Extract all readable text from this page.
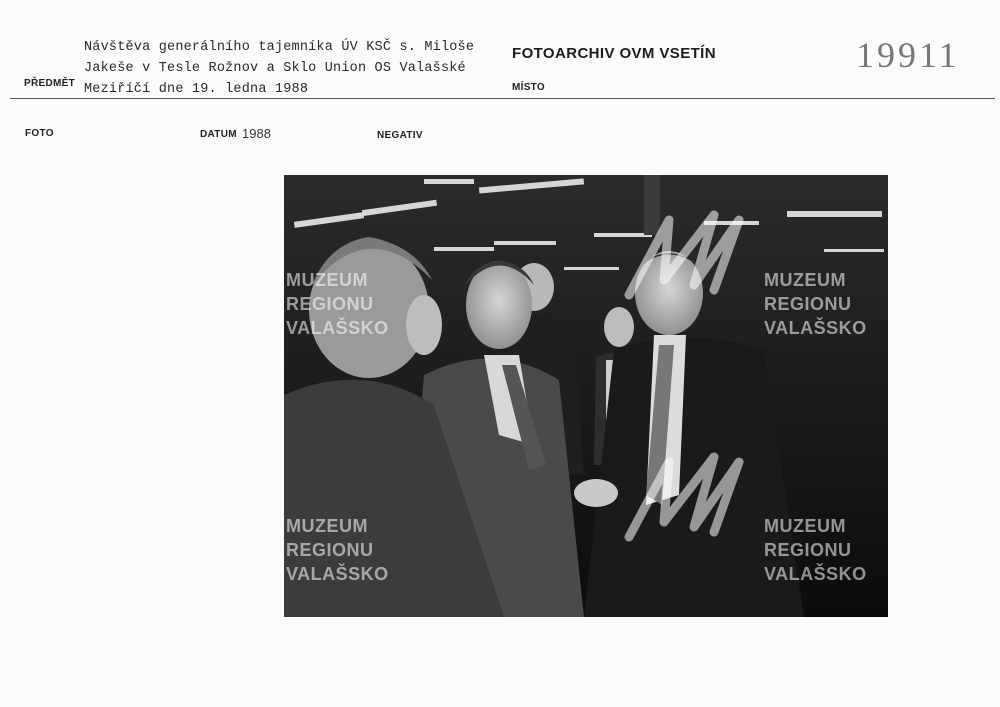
Návštěva generálního tajemníka ÚV KSČ s. Miloše
Jakeše v Tesle Rožnov a Sklo Union OS Valašské
Meziříčí dne 19. ledna 1988
PŘEDMĚT
FOTOARCHIV OVM VSETÍN
MÍSTO
19911
FOTO	DATUM 1988	NEGATIV

MUZEUM
REGIONU
VALAŠSKO

MUZEUM
REGIONU
VALAŠSKO

MUZEUM
REGIONU
VALAŠSKO

MUZEUM
REGIONU
VALAŠSKO
